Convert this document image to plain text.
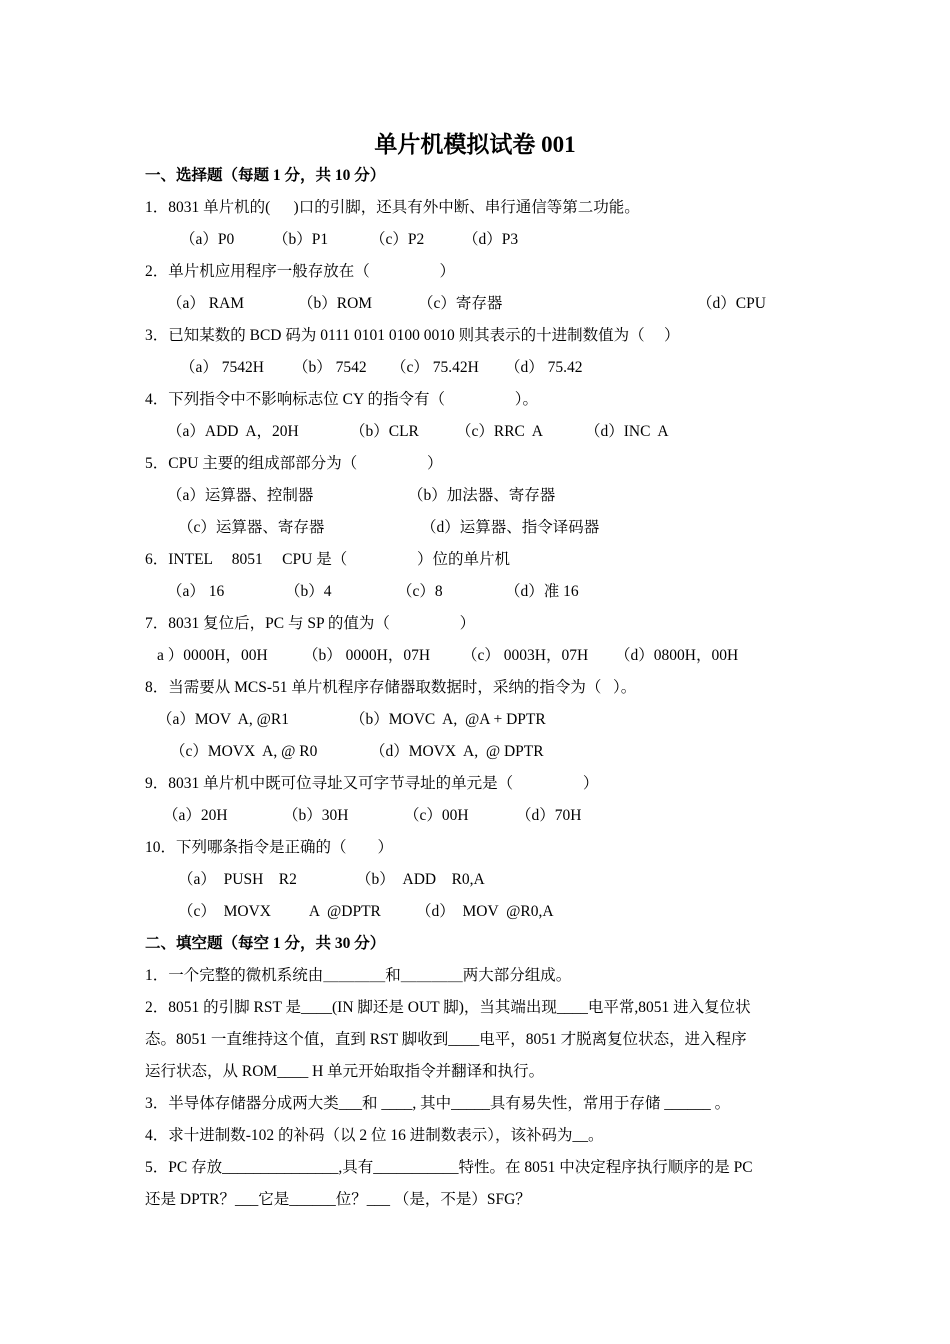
单片机模拟试卷 001
一、选择题（每题 1 分，共 10 分）
1．8031 单片机的(      )口的引脚，还具有外中断、串行通信等第二功能。
（a）P0 （b）P1	（c）P2 （d）P3
2．单片机应用程序一般存放在（                  ）
（a） RAM	（b）ROM	（c）寄存器	（d）CPU
3．已知某数的 BCD 码为 0111 0101 0100 0010 则其表示的十进制数值为（     ）
（a） 7542H （b） 7542 （c） 75.42H （d） 75.42
4．下列指令中不影响标志位 CY 的指令有（                  ）。
（a）ADD  A，20H	（b）CLR （c）RRC  A	（d）INC  A
5．CPU 主要的组成部部分为（                  ）
（a）运算器、控制器	（b）加法器、寄存器
（c）运算器、寄存器	（d）运算器、指令译码器
6．INTEL     8051     CPU 是（                  ）位的单片机
（a） 16	（b）4	（c）8	（d）准 16
7．8031 复位后，PC 与 SP 的值为（                  ）
a ）0000H，00H （b） 0000H，07H （c） 0003H，07H （d）0800H，00H
8．当需要从 MCS-51 单片机程序存储器取数据时，采纳的指令为（   ）。
（a）MOV  A, @R1	（b）MOVC  A,  @A + DPTR
（c）MOVX  A, @ R0	（d）MOVX  A,  @ DPTR
9．8031 单片机中既可位寻址又可字节寻址的单元是（                  ）
（a）20H	（b）30H	（c）00H	（d）70H
10．下列哪条指令是正确的（        ）
（a）  PUSH    R2	（b）  ADD    R0,A
（c）  MOVX          A  @DPTR （d）  MOV  @R0,A
二、填空题（每空 1 分，共 30 分）
1．一个完整的微机系统由＿＿＿＿和＿＿＿＿两大部分组成。
2．8051 的引脚 RST 是____(IN 脚还是 OUT 脚)，当其端出现____电平常,8051 进入复位状
态。8051 一直维持这个值，直到 RST 脚收到____电平，8051 才脱离复位状态，进入程序
运行状态，从 ROM____ H 单元开始取指令并翻译和执行。
3．半导体存储器分成两大类___和 ____, 其中_____具有易失性，常用于存储 ______ 。
4．求十进制数-102 的补码（以 2 位 16 进制数表示），该补码为__。
5．PC 存放_______________,具有___________特性。在 8051 中决定程序执行顺序的是 PC
还是 DPTR？___它是______位？___ （是，不是）SFG？
